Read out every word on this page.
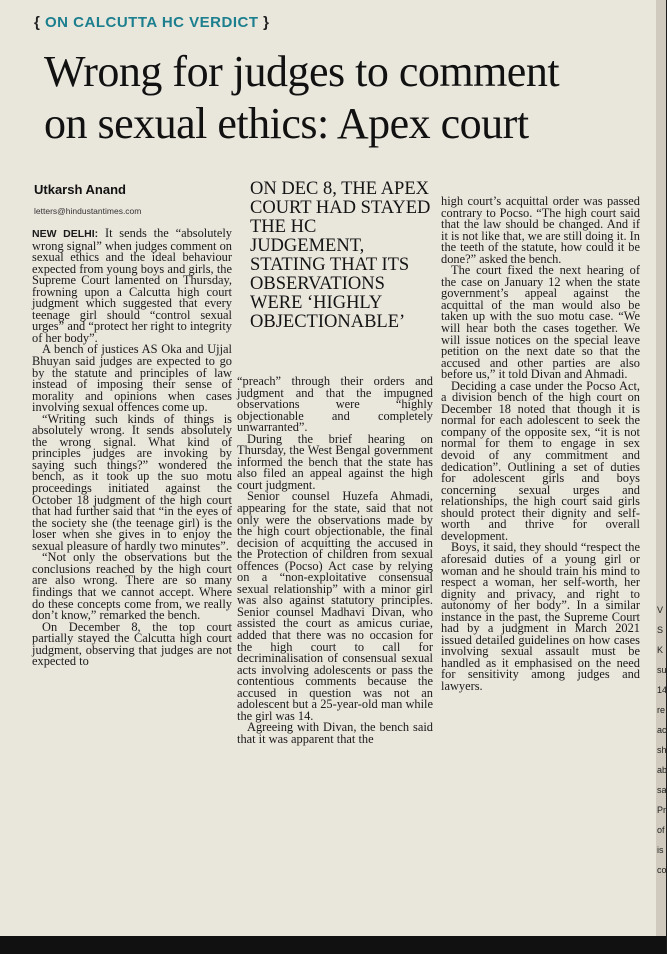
{ ON CALCUTTA HC VERDICT }
Wrong for judges to comment

on sexual ethics: Apex court
Utkarsh Anand
letters@hindustantimes.com
ON DEC 8, THE APEX COURT HAD STAYED THE HC JUDGEMENT, STATING THAT ITS OBSERVATIONS WERE ‘HIGHLY OBJECTIONABLE’

NEW DELHI: It sends the “absolutely wrong signal” when judges comment on sexual ethics and the ideal behaviour expected from young boys and girls, the Supreme Court lamented on Thursday, frowning upon a Calcutta high court judgment which suggested that every teenage girl should “control sexual urges” and “protect her right to integrity of her body”.

A bench of justices AS Oka and Ujjal Bhuyan said judges are expected to go by the statute and principles of law instead of imposing their sense of morality and opinions when cases involving sexual offences come up.

“Writing such kinds of things is absolutely wrong. It sends absolutely the wrong signal. What kind of principles judges are invoking by saying such things?” wondered the bench, as it took up the suo motu proceedings initiated against the October 18 judgment of the high court that had further said that “in the eyes of the society she (the teenage girl) is the loser when she gives in to enjoy the sexual pleasure of hardly two minutes”.

“Not only the observations but the conclusions reached by the high court are also wrong. There are so many findings that we cannot accept. Where do these concepts come from, we really don’t know,” remarked the bench.

On December 8, the top court partially stayed the Calcutta high court judgment, observing that judges are not expected to

“preach” through their orders and judgment and that the impugned observations were “highly objectionable and completely unwarranted”.

During the brief hearing on Thursday, the West Bengal government informed the bench that the state has also filed an appeal against the high court judgment.

Senior counsel Huzefa Ahmadi, appearing for the state, said that not only were the observations made by the high court objectionable, the final decision of acquitting the accused in the Protection of children from sexual offences (Pocso) Act case by relying on a “non-exploitative consensual sexual relationship” with a minor girl was also against statutory principles. Senior counsel Madhavi Divan, who assisted the court as amicus curiae, added that there was no occasion for the high court to call for decriminalisation of consensual sexual acts involving adolescents or pass the contentious comments because the accused in question was not an adolescent but a 25-year-old man while the girl was 14.

Agreeing with Divan, the bench said that it was apparent that the

high court’s acquittal order was passed contrary to Pocso. “The high court said that the law should be changed. And if it is not like that, we are still doing it. In the teeth of the statute, how could it be done?” asked the bench.

The court fixed the next hearing of the case on January 12 when the state government’s appeal against the acquittal of the man would also be taken up with the suo motu case. “We will hear both the cases together. We will issue notices on the special leave petition on the next date so that the accused and other parties are also before us,” it told Divan and Ahmadi.

Deciding a case under the Pocso Act, a division bench of the high court on December 18 noted that though it is normal for each adolescent to seek the company of the opposite sex, “it is not normal for them to engage in sex devoid of any commitment and dedication”. Outlining a set of duties for adolescent girls and boys concerning sexual urges and relationships, the high court said girls should protect their dignity and self-worth and thrive for overall development.

Boys, it said, they should “respect the aforesaid duties of a young girl or woman and he should train his mind to respect a woman, her self-worth, her dignity and privacy, and right to autonomy of her body”. In a similar instance in the past, the Supreme Court had by a judgment in March 2021 issued detailed guidelines on how cases involving sexual assault must be handled as it emphasised on the need for sensitivity among judges and lawyers.

V
S
K
su
14
re
ac
sh
ab
sa
Pr
of
is
co
